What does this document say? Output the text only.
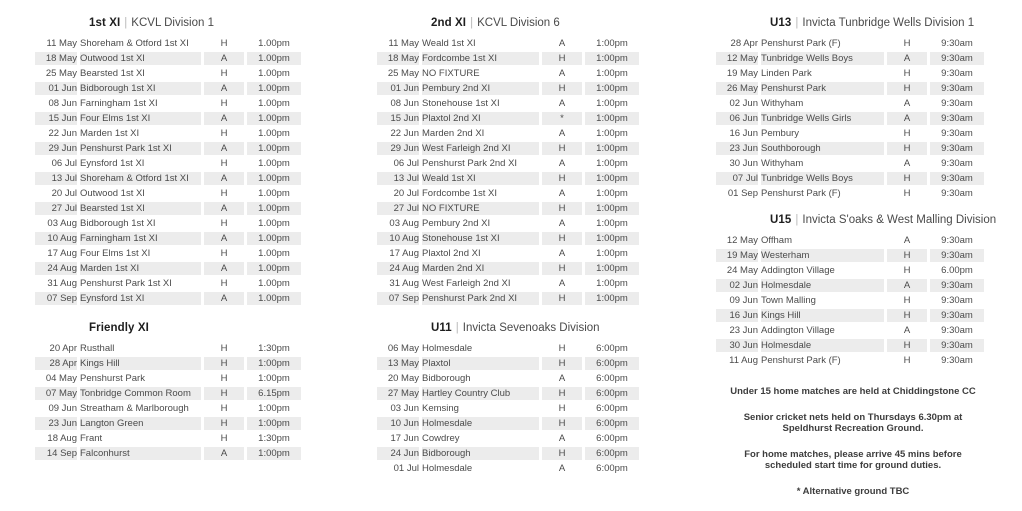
1st XI | KCVL Division 1
11 May	Shoreham & Otford 1st XI	H	1.00pm
18 May	Outwood 1st XI	A	1.00pm
25 May	Bearsted 1st XI	H	1.00pm
01 Jun	Bidborough 1st XI	A	1.00pm
08 Jun	Farningham 1st XI	H	1.00pm
15 Jun	Four Elms 1st XI	A	1.00pm
22 Jun	Marden 1st XI	H	1.00pm
29 Jun	Penshurst Park 1st XI	A	1.00pm
06 Jul	Eynsford 1st XI	H	1.00pm
13 Jul	Shoreham & Otford 1st XI	A	1.00pm
20 Jul	Outwood 1st XI	H	1.00pm
27 Jul	Bearsted 1st XI	A	1.00pm
03 Aug	Bidborough 1st XI	H	1.00pm
10 Aug	Farningham 1st XI	A	1.00pm
17 Aug	Four Elms 1st XI	H	1.00pm
24 Aug	Marden 1st XI	A	1.00pm
31 Aug	Penshurst Park 1st XI	H	1.00pm
07 Sep	Eynsford 1st XI	A	1.00pm
Friendly XI
20 Apr	Rusthall	H	1:30pm
28 Apr	Kings Hill	H	1:00pm
04 May	Penshurst Park	H	1:00pm
07 May	Tonbridge Common Room	H	6.15pm
09 Jun	Streatham & Marlborough	H	1:00pm
23 Jun	Langton Green	H	1:00pm
18 Aug	Frant	H	1:30pm
14 Sep	Falconhurst	A	1:00pm
2nd XI | KCVL Division 6
11 May	Weald 1st XI	A	1:00pm
18 May	Fordcombe 1st XI	H	1:00pm
25 May	NO FIXTURE	A	1:00pm
01 Jun	Pembury 2nd XI	H	1:00pm
08 Jun	Stonehouse 1st XI	A	1:00pm
15 Jun	Plaxtol 2nd XI	*	1:00pm
22 Jun	Marden 2nd XI	A	1:00pm
29 Jun	West Farleigh 2nd XI	H	1:00pm
06 Jul	Penshurst Park 2nd XI	A	1:00pm
13 Jul	Weald 1st XI	H	1:00pm
20 Jul	Fordcombe 1st XI	A	1:00pm
27 Jul	NO FIXTURE	H	1:00pm
03 Aug	Pembury 2nd XI	A	1:00pm
10 Aug	Stonehouse 1st XI	H	1:00pm
17 Aug	Plaxtol 2nd XI	A	1:00pm
24 Aug	Marden 2nd XI	H	1:00pm
31 Aug	West Farleigh 2nd XI	A	1:00pm
07 Sep	Penshurst Park 2nd XI	H	1:00pm
U11 | Invicta Sevenoaks Division
06 May	Holmesdale	H	6:00pm
13 May	Plaxtol	H	6:00pm
20 May	Bidborough	A	6:00pm
27 May	Hartley Country Club	H	6:00pm
03 Jun	Kemsing	H	6:00pm
10 Jun	Holmesdale	H	6:00pm
17 Jun	Cowdrey	A	6:00pm
24 Jun	Bidborough	H	6:00pm
01 Jul	Holmesdale	A	6:00pm
U13 | Invicta Tunbridge Wells Division 1
28 Apr	Penshurst Park (F)	H	9:30am
12 May	Tunbridge Wells Boys	A	9:30am
19 May	Linden Park	H	9:30am
26 May	Penshurst Park	H	9:30am
02 Jun	Withyham	A	9:30am
06 Jun	Tunbridge Wells Girls	A	9:30am
16 Jun	Pembury	H	9:30am
23 Jun	Southborough	H	9:30am
30 Jun	Withyham	A	9:30am
07 Jul	Tunbridge Wells Boys	H	9:30am
01 Sep	Penshurst Park (F)	H	9:30am
U15 | Invicta S'oaks & West Malling Division
12 May	Offham	A	9:30am
19 May	Westerham	H	9:30am
24 May	Addington Village	H	6.00pm
02 Jun	Holmesdale	A	9:30am
09 Jun	Town Malling	H	9:30am
16 Jun	Kings Hill	H	9:30am
23 Jun	Addington Village	A	9:30am
30 Jun	Holmesdale	H	9:30am
11 Aug	Penshurst Park (F)	H	9:30am

Under 15 home matches are held at Chiddingstone CC

Senior cricket nets held on Thursdays 6.30pm at Speldhurst Recreation Ground.

For home matches, please arrive 45 mins before scheduled start time for ground duties.

* Alternative ground TBC
